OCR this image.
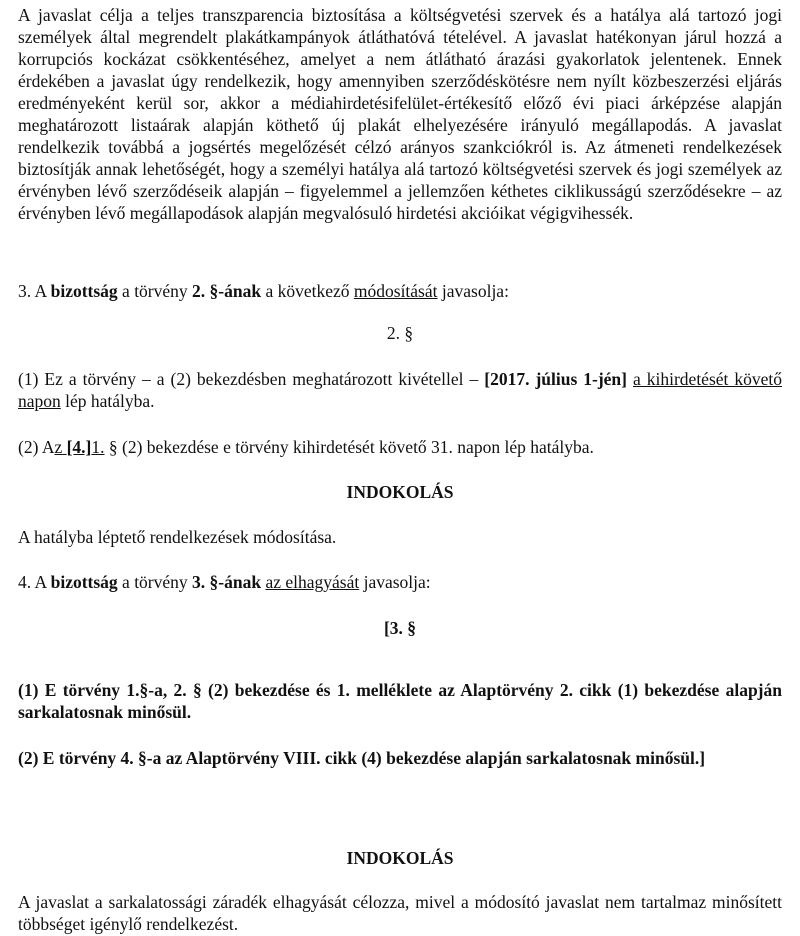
A javaslat célja a teljes transzparencia biztosítása a költségvetési szervek és a hatálya alá tartozó jogi személyek által megrendelt plakátkampányok átláthatóvá tételével. A javaslat hatékonyan járul hozzá a korrupciós kockázat csökkentéséhez, amelyet a nem átlátható árazási gyakorlatok jelentenek. Ennek érdekében a javaslat úgy rendelkezik, hogy amennyiben szerződéskötésre nem nyílt közbeszerzési eljárás eredményeként kerül sor, akkor a médiahirdetésifelület-értékesítő előző évi piaci árképzése alapján meghatározott listaárak alapján köthető új plakát elhelyezésére irányuló megállapodás. A javaslat rendelkezik továbbá a jogsértés megelőzését célzó arányos szankciókról is. Az átmeneti rendelkezések biztosítják annak lehetőségét, hogy a személyi hatálya alá tartozó költségvetési szervek és jogi személyek az érvényben lévő szerződéseik alapján – figyelemmel a jellemzően kéthetes ciklikusságú szerződésekre – az érvényben lévő megállapodások alapján megvalósuló hirdetési akcióikat végigvihessék.

3. A bizottság a törvény 2. §-ának a következő módosítását javasolja:

2. §

(1) Ez a törvény – a (2) bekezdésben meghatározott kivétellel – [2017. július 1-jén] a kihirdetését követő napon lép hatályba.

(2) Az [4.]1. § (2) bekezdése e törvény kihirdetését követő 31. napon lép hatályba.

INDOKOLÁS

A hatályba léptető rendelkezések módosítása.

4. A bizottság a törvény 3. §-ának az elhagyását javasolja:

[3. §

(1) E törvény 1.§-a, 2. § (2) bekezdése és 1. melléklete az Alaptörvény 2. cikk (1) bekezdése alapján sarkalatosnak minősül.

(2) E törvény 4. §-a az Alaptörvény VIII. cikk (4) bekezdése alapján sarkalatosnak minősül.]

INDOKOLÁS

A javaslat a sarkalatossági záradék elhagyását célozza, mivel a módosító javaslat nem tartalmaz minősített többséget igénylő rendelkezést.
